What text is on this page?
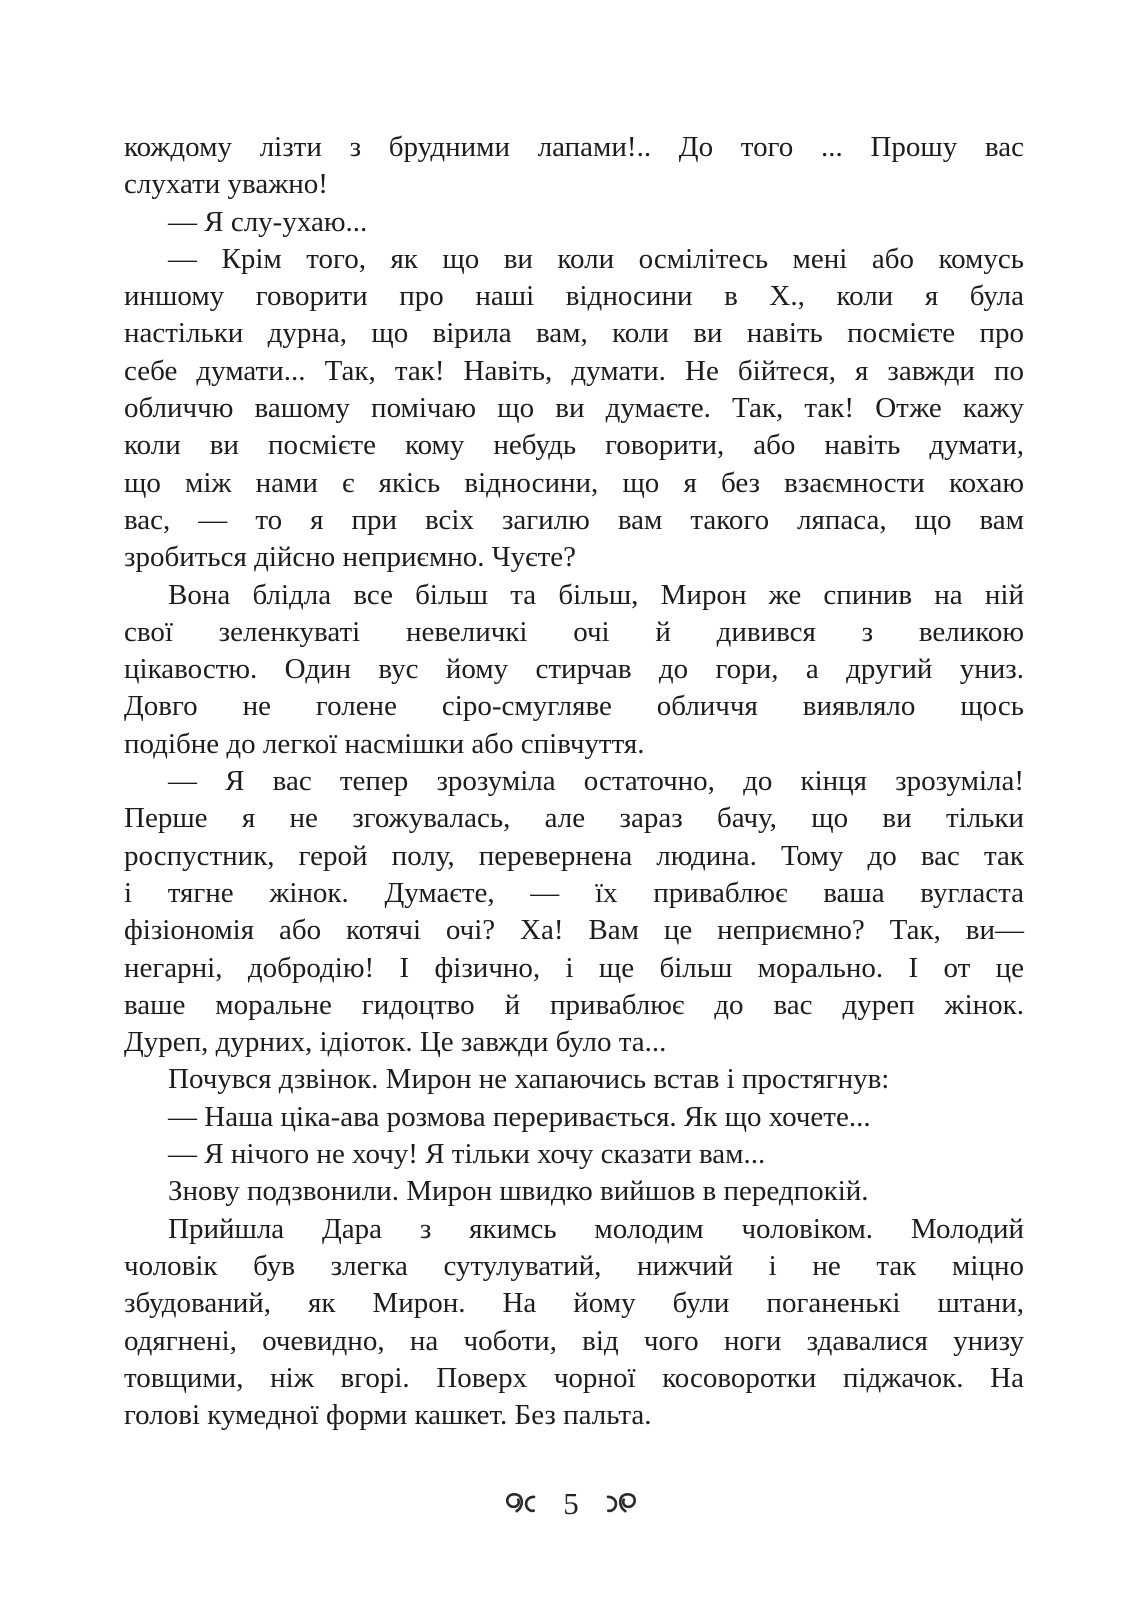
кождому лізти з брудними лапами!.. До того ... Прошу вас
слухати уважно!
— Я слу-ухаю...
— Крім того, як що ви коли осмілітесь мені або комусь
иншому говорити про наші відносини в Х., коли я була
настільки дурна, що вірила вам, коли ви навіть посмієте про
себе думати... Так, так! Навіть, думати. Не бійтеся, я завжди по
обличчю вашому помічаю що ви думаєте. Так, так! Отже кажу
коли ви посмієте кому небудь говорити, або навіть думати,
що між нами є якісь відносини, що я без взаємности кохаю
вас, — то я при всіх загилю вам такого ляпаса, що вам
зробиться дійсно неприємно. Чуєте?
Вона блідла все більш та більш, Мирон же спинив на ній
свої зеленкуваті невеличкі очі й дивився з великою
цікавостю. Один вус йому стирчав до гори, а другий униз.
Довго не голене сіро-смугляве обличчя виявляло щось
подібне до легкої насмішки або співчуття.
— Я вас тепер зрозуміла остаточно, до кінця зрозуміла!
Перше я не згожувалась, але зараз бачу, що ви тільки
роспустник, герой полу, перевернена людина. Тому до вас так
і тягне жінок. Думаєте, — їх приваблює ваша вугласта
фізіономія або котячі очі? Ха! Вам це неприємно? Так, ви—
негарні, добродію! І фізично, і ще більш морально. І от це
ваше моральне гидоцтво й приваблює до вас дуреп жінок.
Дуреп, дурних, ідіоток. Це завжди було та...
Почувся дзвінок. Мирон не хапаючись встав і простягнув:
— Наша ціка-ава розмова переривається. Як що хочете...
— Я нічого не хочу! Я тільки хочу сказати вам...
Знову подзвонили. Мирон швидко вийшов в передпокій.
Прийшла Дара з якимсь молодим чоловіком. Молодий
чоловік був злегка сутулуватий, нижчий і не так міцно
збудований, як Мирон. На йому були поганенькі штани,
одягнені, очевидно, на чоботи, від чого ноги здавалися унизу
товщими, ніж вгорі. Поверх чорної косоворотки піджачок. На
голові кумедної форми кашкет. Без пальта.
5
